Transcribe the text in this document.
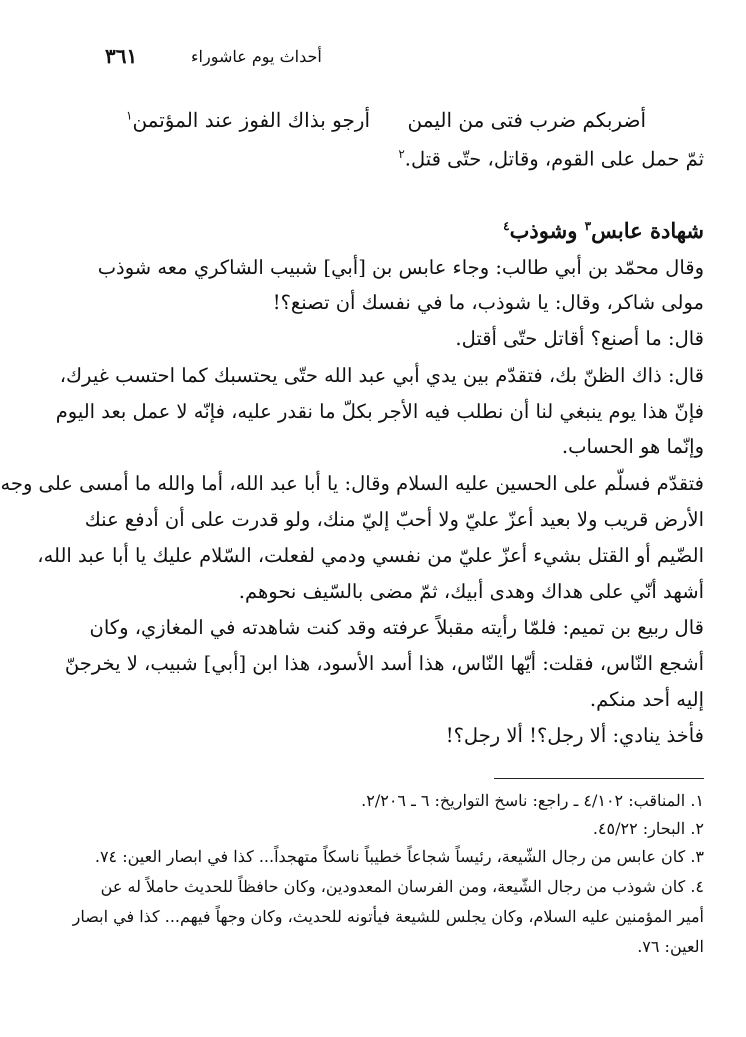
٣٦١	أحداث يوم عاشوراء
أضربكم ضرب فتى من اليمن
أرجو بذاك الفوز عند المؤتمن$^١$
ثمّ حمل على القوم، وقاتل، حتّى قتل.$^٢$
شهادة عابس$^٣$ وشوذب$^٤$
وقال محمّد بن أبي طالب: وجاء عابس بن [أبي] شبيب الشاكري معه شوذب
مولى شاكر، وقال: يا شوذب، ما في نفسك أن تصنع؟!
قال: ما أصنع؟ أقاتل حتّى أقتل.
قال: ذاك الظنّ بك، فتقدّم بين يدي أبي عبد الله حتّى يحتسبك كما احتسب غيرك،
فإنّ هذا يوم ينبغي لنا أن نطلب فيه الأجر بكلّ ما نقدر عليه، فإنّه لا عمل بعد اليوم
وإنّما هو الحساب.
فتقدّم فسلّم على الحسين عليه السلام وقال: يا أبا عبد الله، أما والله ما أمسى على وجه
الأرض قريب ولا بعيد أعزّ عليّ ولا أحبّ إليّ منك، ولو قدرت على أن أدفع عنك
الضّيم أو القتل بشيء أعزّ عليّ من نفسي ودمي لفعلت، السّلام عليك يا أبا عبد الله،
أشهد أنّي على هداك وهدى أبيك، ثمّ مضى بالسّيف نحوهم.
قال ربيع بن تميم: فلمّا رأيته مقبلاً عرفته وقد كنت شاهدته في المغازي، وكان
أشجع النّاس، فقلت: أيّها النّاس، هذا أسد الأسود، هذا ابن [أبي] شبيب، لا يخرجنّ
إليه أحد منكم.
فأخذ ينادي: ألا رجل؟! ألا رجل؟!
١. المناقب: ٤/١٠٢ ـ راجع: ناسخ التواريخ: ٦ ـ ٢/٢٠٦.
٢. البحار: ٤٥/٢٢.
٣. كان عابس من رجال الشّيعة، رئيساً شجاعاً خطيباً ناسكاً متهجداً... كذا في ابصار العين: ٧٤.
٤. كان شوذب من رجال الشّيعة، ومن الفرسان المعدودين، وكان حافظاً للحديث حاملاً له عن
أمير المؤمنين عليه السلام، وكان يجلس للشيعة فيأتونه للحديث، وكان وجهاً فيهم... كذا في ابصار
العين: ٧٦.
